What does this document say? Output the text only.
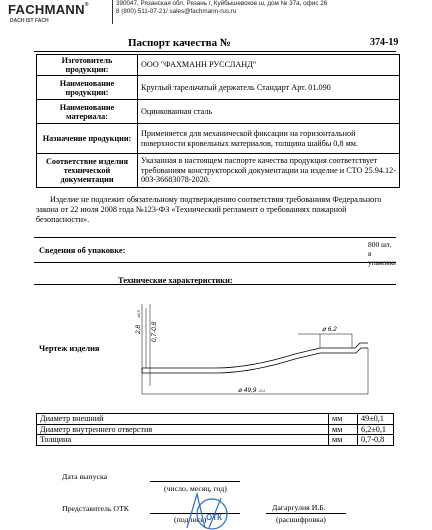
FACHMANN®
DACH IST FACH
390047, Рязанская обл, Рязань г, Куйбышевское ш, дом № 37а, офис 26
8 (800) 511-07-21/ sales@fachmann-rus.ru
Паспорт качества №	374-19
Изготовитель продукции:	ООО "ФАХМАНН РУССЛАНД"
Наименование продукции:	Круглый тарельчатый держатель Стандарт Арт. 01.090
Наименование материала:	Оцинкованная сталь
Назначение продукции:	Применяется для механической фиксации на горизонтальной поверхности кровельных материалов, толщина шайбы 0,8 мм.
Соответствие изделия технической документации	Указанная в настоящем паспорте качества продукция соответствует требованиям конструкторской документации на изделие и СТО 25.94.12-003-36683078-2020.
Изделие не подлежит обязательному подтверждению соответствия требованиям Федерального закона от 22 июля 2008 года №123-ФЗ «Технический регламент о требованиях пожарной безопасности».
Сведения об упаковке:
800 шт. в
Технические характеристики:
Чертеж изделия
2,8
±0,3
0,7-0,8	⌀ 6,2
⌀ 49,9 -0,1
Диаметр внешний	мм	49±0,1
Диаметр внутреннего отверстия	мм	6,2±0,1
Толщина	мм	0,7-0,8
Дата выпуска
(число, месяц, год)
Представитель ОТК
(подпись)
Дагаргулия И.Б.
(расшифровка)
ОТК
